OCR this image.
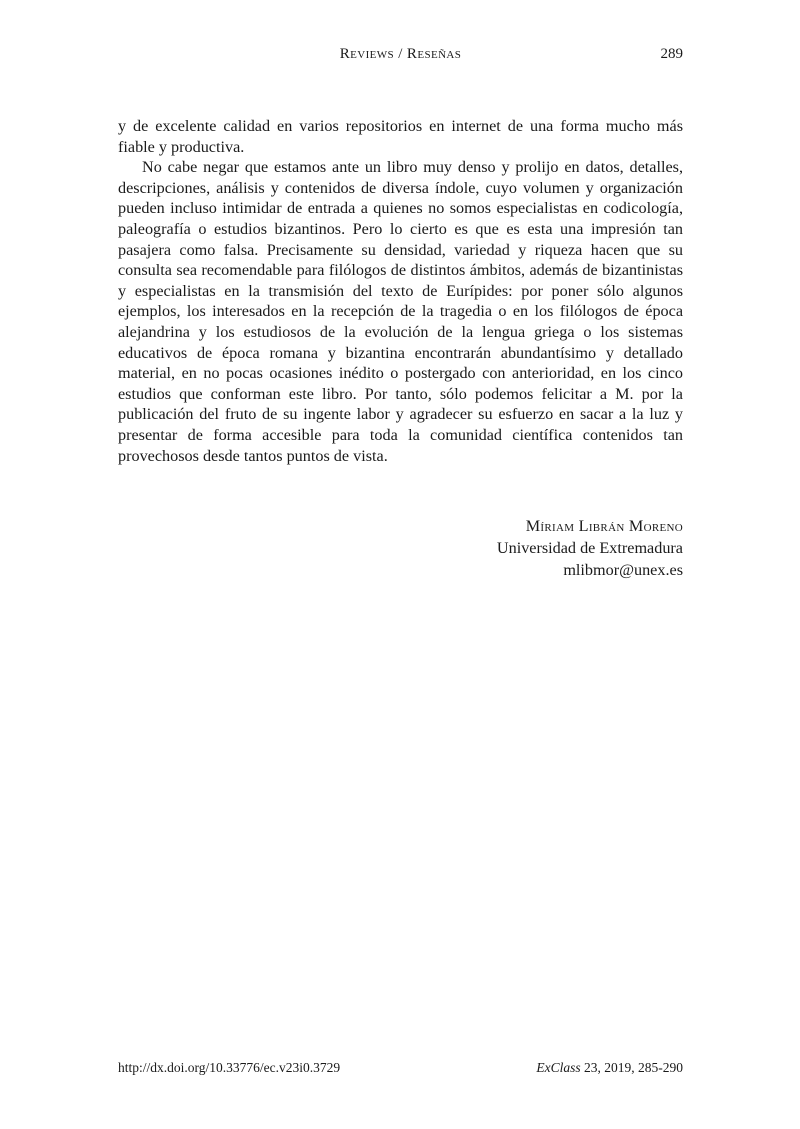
Reviews / Reseñas	289

y de excelente calidad en varios repositorios en internet de una forma mucho más fiable y productiva.

No cabe negar que estamos ante un libro muy denso y prolijo en datos, detalles, descripciones, análisis y contenidos de diversa índole, cuyo volumen y organización pueden incluso intimidar de entrada a quienes no somos especialistas en codicología, paleografía o estudios bizantinos. Pero lo cierto es que es esta una impresión tan pasajera como falsa. Precisamente su densidad, variedad y riqueza hacen que su consulta sea recomendable para filólogos de distintos ámbitos, además de bizantinistas y especialistas en la transmisión del texto de Eurípides: por poner sólo algunos ejemplos, los interesados en la recepción de la tragedia o en los filólogos de época alejandrina y los estudiosos de la evolución de la lengua griega o los sistemas educativos de época romana y bizantina encontrarán abundantísimo y detallado material, en no pocas ocasiones inédito o postergado con anterioridad, en los cinco estudios que conforman este libro. Por tanto, sólo podemos felicitar a M. por la publicación del fruto de su ingente labor y agradecer su esfuerzo en sacar a la luz y presentar de forma accesible para toda la comunidad científica contenidos tan provechosos desde tantos puntos de vista.

Míriam Librán Moreno
Universidad de Extremadura
mlibmor@unex.es
http://dx.doi.org/10.33776/ec.v23i0.3729	ExClass 23, 2019, 285-290
